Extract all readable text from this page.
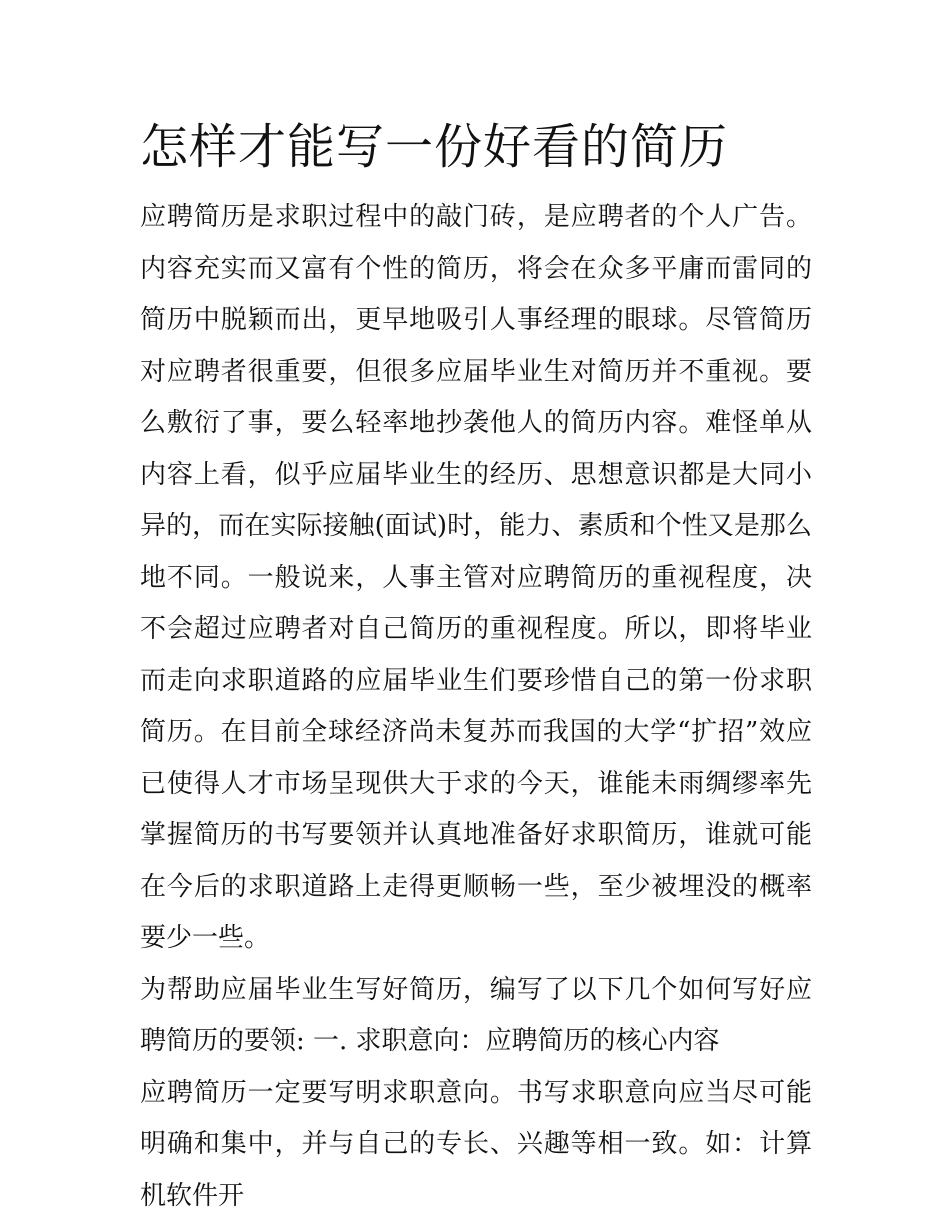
怎样才能写一份好看的简历

应聘简历是求职过程中的敲门砖，是应聘者的个人广告。内容充实而又富有个性的简历，将会在众多平庸而雷同的简历中脱颖而出，更早地吸引人事经理的眼球。尽管简历对应聘者很重要，但很多应届毕业生对简历并不重视。要么敷衍了事，要么轻率地抄袭他人的简历内容。难怪单从内容上看，似乎应届毕业生的经历、思想意识都是大同小异的，而在实际接触(面试)时，能力、素质和个性又是那么地不同。一般说来，人事主管对应聘简历的重视程度，决不会超过应聘者对自己简历的重视程度。所以，即将毕业而走向求职道路的应届毕业生们要珍惜自己的第一份求职简历。在目前全球经济尚未复苏而我国的大学“扩招”效应已使得人才市场呈现供大于求的今天，谁能未雨绸缪率先掌握简历的书写要领并认真地准备好求职简历，谁就可能在今后的求职道路上走得更顺畅一些，至少被埋没的概率要少一些。

为帮助应届毕业生写好简历，编写了以下几个如何写好应聘简历的要领: 一. 求职意向：应聘简历的核心内容

应聘简历一定要写明求职意向。书写求职意向应当尽可能明确和集中，并与自己的专长、兴趣等相一致。如：计算机软件开
